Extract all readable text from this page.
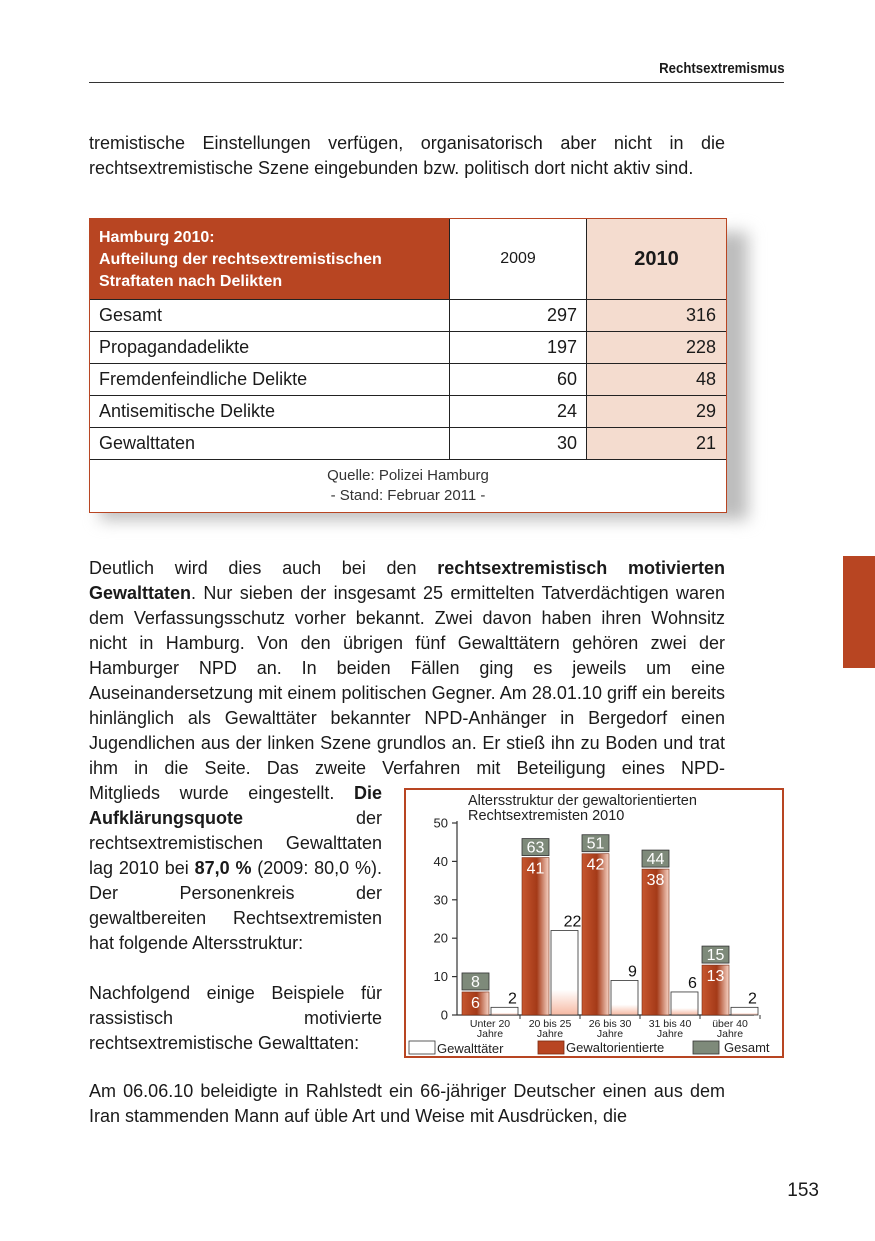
Rechtsextremismus

tremistische Einstellungen verfügen, organisatorisch aber nicht in die rechtsextremistische Szene eingebunden bzw. politisch dort nicht aktiv sind.

Hamburg 2010:
Aufteilung der rechtsextremistischen
Straftaten nach Delikten
2009	2010
Gesamt	297	316
Propagandadelikte	197	228
Fremdenfeindliche Delikte	60	48
Antisemitische Delikte	24	29
Gewalttaten	30	21
Quelle: Polizei Hamburg
- Stand: Februar 2011 -

Deutlich wird dies auch bei den rechtsextremistisch motivierten Gewalttaten. Nur sieben der insgesamt 25 ermittelten Tatverdächtigen waren dem Verfassungsschutz vorher bekannt. Zwei davon haben ihren Wohnsitz nicht in Hamburg. Von den übrigen fünf Gewalttätern gehören zwei der Hamburger NPD an. In beiden Fällen ging es jeweils um eine Auseinandersetzung mit einem politischen Gegner. Am 28.01.10 griff ein bereits hinlänglich als Gewalttäter bekannter NPD-Anhänger in Bergedorf einen Jugendlichen aus der linken Szene grundlos an. Er stieß ihn zu Boden und trat ihm in die Seite. Das zweite Verfahren mit Beteiligung eines NPD-

Mitglieds wurde eingestellt. Die Aufklärungsquote der rechtsextremistischen Gewalttaten lag 2010 bei 87,0 % (2009: 80,0 %). Der Personenkreis der gewaltbereiten Rechtsextremisten hat folgende Altersstruktur:

Nachfolgend einige Beispiele für rassistisch motivierte rechtsextremistische Gewalttaten:

Altersstruktur der gewaltorientierten
Rechtsextremisten 2010
0
10
20
30
40
50
6
8
2
Unter 20
Jahre
41
63
22
20 bis 25
Jahre
42
51
9
26 bis 30
Jahre
38
44
6
31 bis 40
Jahre
13
15
2
über 40
Jahre
Gewalttäter	Gewaltorientierte	Gesamt

Am 06.06.10 beleidigte in Rahlstedt ein 66-jähriger Deutscher einen aus dem Iran stammenden Mann auf üble Art und Weise mit Ausdrücken, die

153
